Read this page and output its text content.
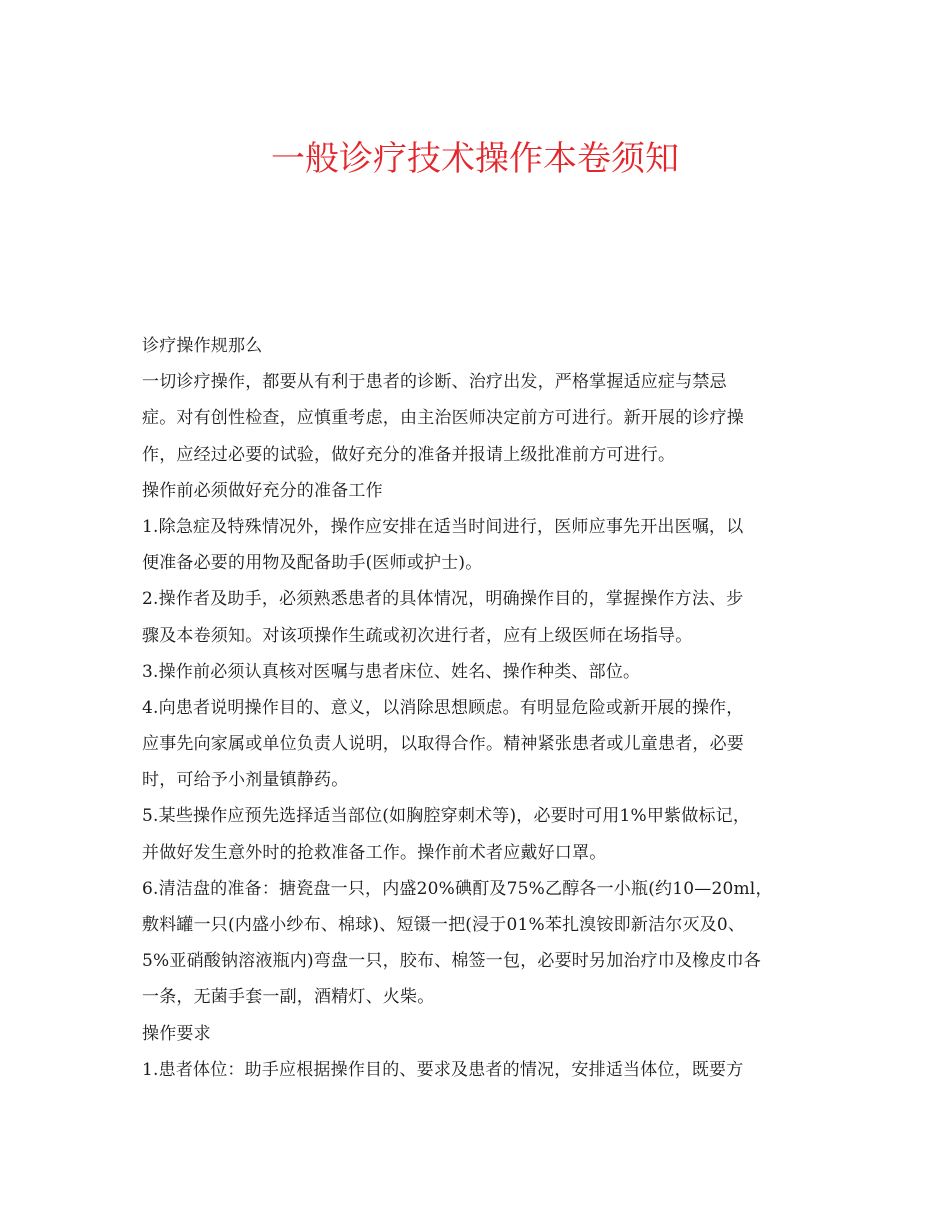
一般诊疗技术操作本卷须知
诊疗操作规那么
一切诊疗操作，都要从有利于患者的诊断、治疗出发，严格掌握适应症与禁忌
症。对有创性检查，应慎重考虑，由主治医师决定前方可进行。新开展的诊疗操
作，应经过必要的试验，做好充分的准备并报请上级批准前方可进行。
操作前必须做好充分的准备工作
1.除急症及特殊情况外，操作应安排在适当时间进行，医师应事先开出医嘱，以
便准备必要的用物及配备助手(医师或护士)。
2.操作者及助手，必须熟悉患者的具体情况，明确操作目的，掌握操作方法、步
骤及本卷须知。对该项操作生疏或初次进行者，应有上级医师在场指导。
3.操作前必须认真核对医嘱与患者床位、姓名、操作种类、部位。
4.向患者说明操作目的、意义，以消除思想顾虑。有明显危险或新开展的操作，
应事先向家属或单位负责人说明，以取得合作。精神紧张患者或儿童患者，必要
时，可给予小剂量镇静药。
5.某些操作应预先选择适当部位(如胸腔穿刺术等)，必要时可用1%甲紫做标记，
并做好发生意外时的抢救准备工作。操作前术者应戴好口罩。
6.清洁盘的准备：搪瓷盘一只，内盛20%碘酊及75%乙醇各一小瓶(约10—20ml，
敷料罐一只(内盛小纱布、棉球)、短镊一把(浸于01%苯扎溴铵即新洁尔灭及0、
5%亚硝酸钠溶液瓶内)弯盘一只，胶布、棉签一包，必要时另加治疗巾及橡皮巾各
一条，无菌手套一副，酒精灯、火柴。
操作要求
1.患者体位：助手应根据操作目的、要求及患者的情况，安排适当体位，既要方
